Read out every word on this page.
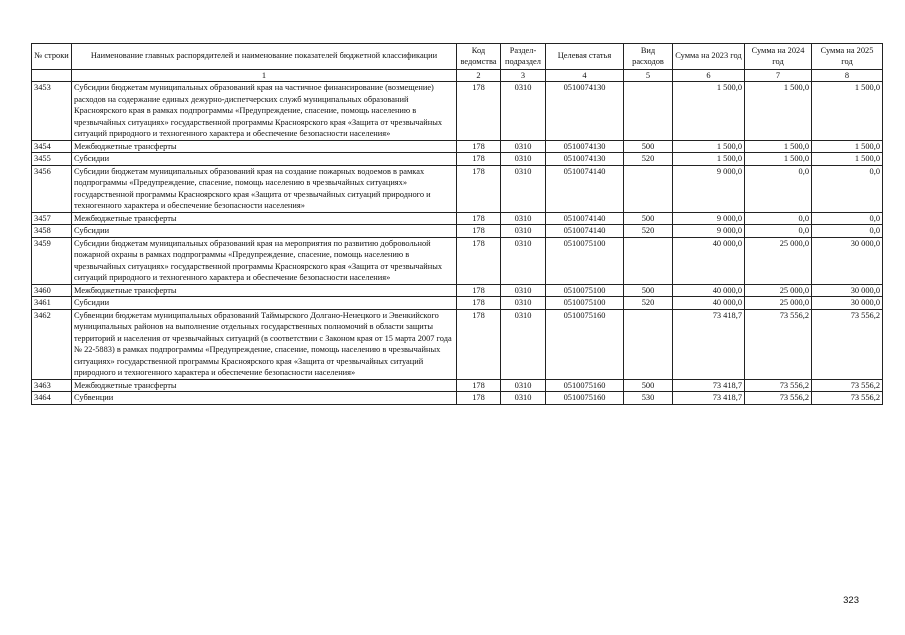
№ строки	Наименование главных распорядителей и наименование показателей бюджетной классификации	Код ведомства	Раздел-подраздел	Целевая статья	Вид расходов	Сумма на 2023 год	Сумма на 2024 год	Сумма на 2025 год
	1	2	3	4	5	6	7	8
3453	Субсидии бюджетам муниципальных образований края на частичное финансирование (возмещение) расходов на содержание единых дежурно-диспетчерских служб муниципальных образований Красноярского края в рамках подпрограммы «Предупреждение, спасение, помощь населению в чрезвычайных ситуациях» государственной программы Красноярского края «Защита от чрезвычайных ситуаций природного и техногенного характера и обеспечение безопасности населения»	178	0310	0510074130		1 500,0	1 500,0	1 500,0
3454	Межбюджетные трансферты	178	0310	0510074130	500	1 500,0	1 500,0	1 500,0
3455	Субсидии	178	0310	0510074130	520	1 500,0	1 500,0	1 500,0
3456	Субсидии бюджетам муниципальных образований края на создание пожарных водоемов в рамках подпрограммы «Предупреждение, спасение, помощь населению в чрезвычайных ситуациях» государственной программы Красноярского края «Защита от чрезвычайных ситуаций природного и техногенного характера и обеспечение безопасности населения»	178	0310	0510074140		9 000,0	0,0	0,0
3457	Межбюджетные трансферты	178	0310	0510074140	500	9 000,0	0,0	0,0
3458	Субсидии	178	0310	0510074140	520	9 000,0	0,0	0,0
3459	Субсидии бюджетам муниципальных образований края на мероприятия по развитию добровольной пожарной охраны в рамках подпрограммы «Предупреждение, спасение, помощь населению в чрезвычайных ситуациях» государственной программы Красноярского края «Защита от чрезвычайных ситуаций природного и техногенного характера и обеспечение безопасности населения»	178	0310	0510075100		40 000,0	25 000,0	30 000,0
3460	Межбюджетные трансферты	178	0310	0510075100	500	40 000,0	25 000,0	30 000,0
3461	Субсидии	178	0310	0510075100	520	40 000,0	25 000,0	30 000,0
3462	Субвенции бюджетам муниципальных образований Таймырского Долгано-Ненецкого и Эвенкийского муниципальных районов на выполнение отдельных государственных полномочий в области защиты территорий и населения от чрезвычайных ситуаций (в соответствии с Законом края от 15 марта 2007 года № 22-5883) в рамках подпрограммы «Предупреждение, спасение, помощь населению в чрезвычайных ситуациях» государственной программы Красноярского края «Защита от чрезвычайных ситуаций природного и техногенного характера и обеспечение безопасности населения»	178	0310	0510075160		73 418,7	73 556,2	73 556,2
3463	Межбюджетные трансферты	178	0310	0510075160	500	73 418,7	73 556,2	73 556,2
3464	Субвенции	178	0310	0510075160	530	73 418,7	73 556,2	73 556,2
323
